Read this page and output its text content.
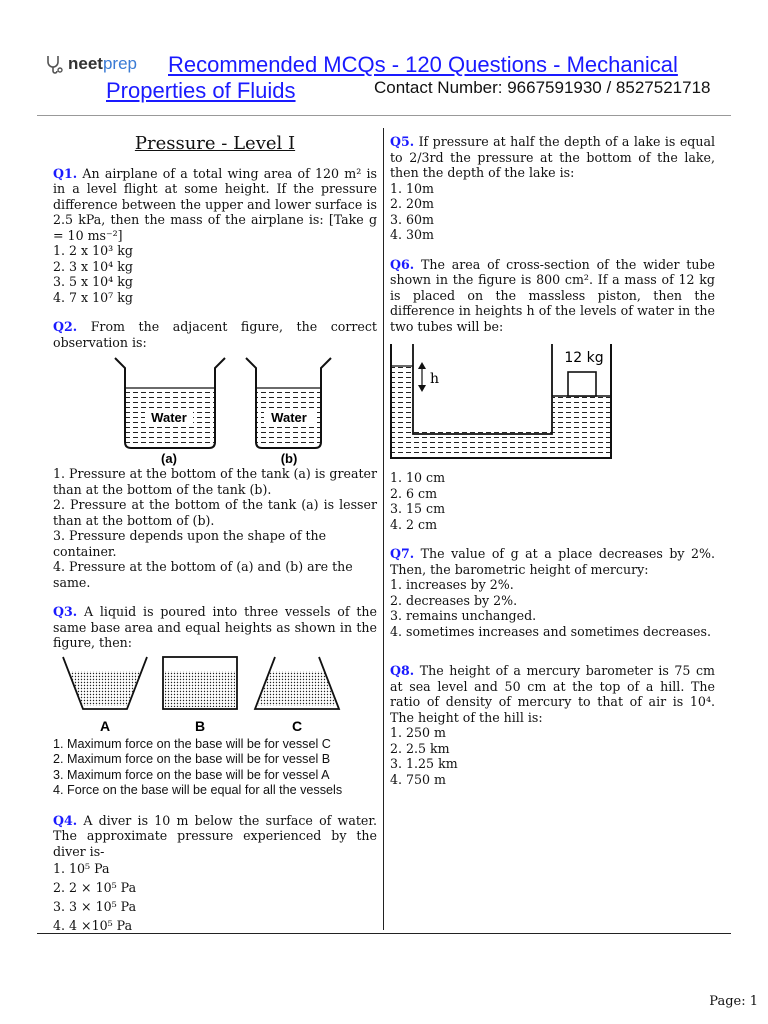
neet prep Recommended MCQs - 120 Questions - Mechanical
Properties of Fluids	Contact Number: 9667591930 / 8527521718
Pressure - Level I
Q1. An airplane of a total wing area of 120 m² is in a level flight at some height. If the pressure difference between the upper and lower surface is 2.5 kPa, then the mass of the airplane is: [Take g = 10 ms⁻²]
1. 2 x 10³ kg
2. 3 x 10⁴ kg
3. 5 x 10⁴ kg
4. 7 x 10⁷ kg
Q2. From the adjacent figure, the correct observation is:
Water
(a)
Water
(b)
1. Pressure at the bottom of the tank (a) is greater than at the bottom of the tank (b).
2. Pressure at the bottom of the tank (a) is lesser than at the bottom of (b).
3. Pressure depends upon the shape of the container.
4. Pressure at the bottom of (a) and (b) are the same.
Q3. A liquid is poured into three vessels of the same base area and equal heights as shown in the figure, then:
A	B	C
1. Maximum force on the base will be for vessel C
2. Maximum force on the base will be for vessel B
3. Maximum force on the base will be for vessel A
4. Force on the base will be equal for all the vessels
Q4. A diver is 10 m below the surface of water. The approximate pressure experienced by the diver is-
1. 10⁵ Pa
2. 2 × 10⁵ Pa
3. 3 × 10⁵ Pa
4. 4 ×10⁵ Pa
Q5. If pressure at half the depth of a lake is equal to 2/3rd the pressure at the bottom of the lake, then the depth of the lake is:
1. 10m
2. 20m
3. 60m
4. 30m
Q6. The area of cross-section of the wider tube shown in the figure is 800 cm². If a mass of 12 kg is placed on the massless piston, then the difference in heights h of the levels of water in the two tubes will be:
h
12 kg
1. 10 cm
2. 6 cm
3. 15 cm
4. 2 cm
Q7. The value of g at a place decreases by 2%. Then, the barometric height of mercury:
1. increases by 2%.
2. decreases by 2%.
3. remains unchanged.
4. sometimes increases and sometimes decreases.
Q8. The height of a mercury barometer is 75 cm at sea level and 50 cm at the top of a hill. The ratio of density of mercury to that of air is 10⁴. The height of the hill is:
1. 250 m
2. 2.5 km
3. 1.25 km
4. 750 m
Page: 1
